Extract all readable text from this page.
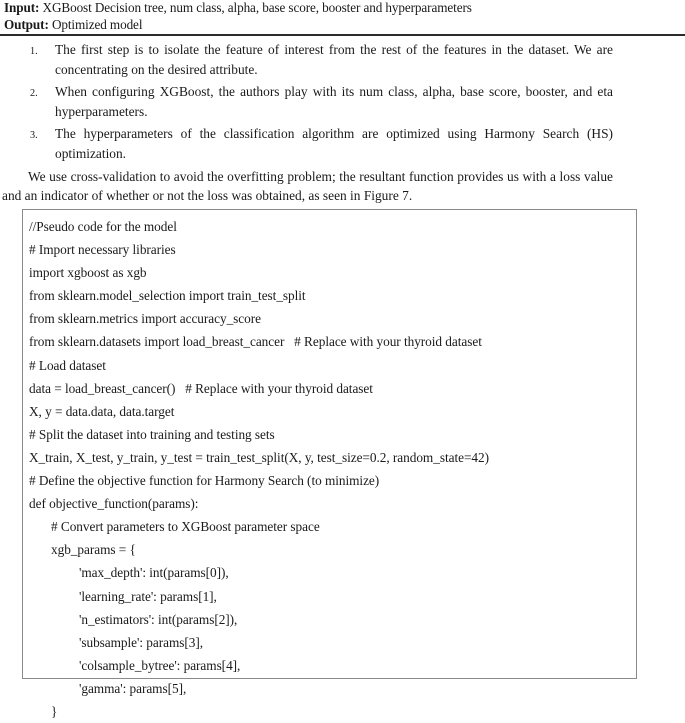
Input: XGBoost Decision tree, num class, alpha, base score, booster and hyperparameters
Output: Optimized model
1. The first step is to isolate the feature of interest from the rest of the features in the dataset. We are concentrating on the desired attribute.
2. When configuring XGBoost, the authors play with its num class, alpha, base score, booster, and eta hyperparameters.
3. The hyperparameters of the classification algorithm are optimized using Harmony Search (HS) optimization.

We use cross-validation to avoid the overfitting problem; the resultant function provides us with a loss value and an indicator of whether or not the loss was obtained, as seen in Figure 7.

//Pseudo code for the model
# Import necessary libraries
import xgboost as xgb
from sklearn.model_selection import train_test_split
from sklearn.metrics import accuracy_score
from sklearn.datasets import load_breast_cancer   # Replace with your thyroid dataset
# Load dataset
data = load_breast_cancer()   # Replace with your thyroid dataset
X, y = data.data, data.target
# Split the dataset into training and testing sets
X_train, X_test, y_train, y_test = train_test_split(X, y, test_size=0.2, random_state=42)
# Define the objective function for Harmony Search (to minimize)
def objective_function(params):
# Convert parameters to XGBoost parameter space
xgb_params = {
'max_depth': int(params[0]),
'learning_rate': params[1],
'n_estimators': int(params[2]),
'subsample': params[3],
'colsample_bytree': params[4],
'gamma': params[5],
}
